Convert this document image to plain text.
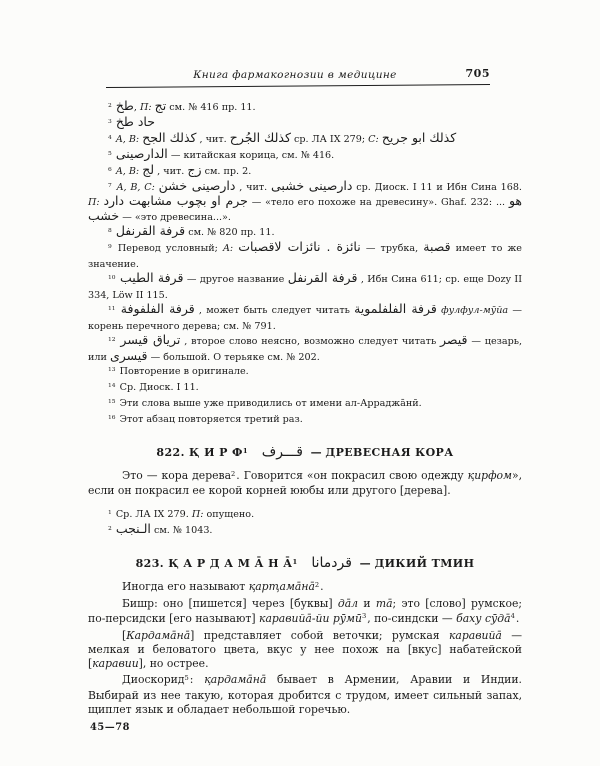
Книга фармакогнозии в медицине	705

$^2$ طخ, П: تج см. № 416 пр. 11.

$^3$ حاد طخ

$^4$ A, B: كذلك الجح , чит. كذلك الجُرح ср. ЛА IX 279; C: كذلك ابو جريح

$^5$ الدارصينى — китайская корица, см. № 416.

$^6$ A, B: لج , чит. زج см. пр. 2.

$^7$ A, B, C: دارصينى خشن , чит. دارصينى خشبى ср. Диоск. I 11 и Ибн Сина 168. П: جرم او بچوب مشابهت دارد — «тело его похоже на древесину». Ghaf. 232: ... هو خشب — «это древесина...».

$^8$ قرفة القرنفل см. № 820 пр. 11.

$^9$ Перевод условный; A: نائزة . نائزات لاقصبات — трубка, قصبة имеет то же значение.

$^{10}$ قرفة الطيب — другое название قرفة القرنفل , Ибн Сина 611; ср. еще Dozy II 334, Löw II 115.

$^{11}$ قرفة الفلفوفة , может быть следует читать قرفة الفلفلموية фулфул-мӯйа — корень перечного дерева; см. № 791.

$^{12}$ ترياق قيسر , второе слово неясно, возможно следует читать قيصر — цезарь, или قيسرى — большой. О терьяке см. № 202.

$^{13}$ Повторение в оригинале.

$^{14}$ Ср. Диоск. I 11.

$^{15}$ Эти слова выше уже приводились от имени ал-Арраджа̄нӣ.

$^{16}$ Этот абзац повторяется третий раз.

822. Қ И Р $Ф^1$ قـــرف  — ДРЕВЕСНАЯ КОРА

Это — кора дерева$^2$. Говорится «он покрасил свою одежду қирфом», если он покрасил ее корой корней ююбы или другого [дерева].

$^1$ Ср. ЛА IX 279. П: опущено.

$^2$ الـنجب см. № 1043.

823. Қ А Р Д А М А̄ Н А̄$^1$ قردمانا  — ДИКИЙ ТМИН

Иногда его называют қарҭама̄на̄$^2$.

Бишр: оно [пишется] через [буквы] да̄л и та̄; это [слово] румское; по-персидски [его называют] каравийа̄-йи рӯмӣ$^3$, по-синдски — баху сӯда̄$^4$.

[Кардама̄на̄] представляет собой веточки; румская каравийа̄ — мелкая и беловатого цвета, вкус у нее похож на [вкус] набатейской [каравии], но острее.

Диоскорид$^5$: қардама̄на̄ бывает в Армении, Аравии и Индии. Выбирай из нее такую, которая дробится с трудом, имеет сильный запах, щиплет язык и обладает небольшой горечью.

45—78
